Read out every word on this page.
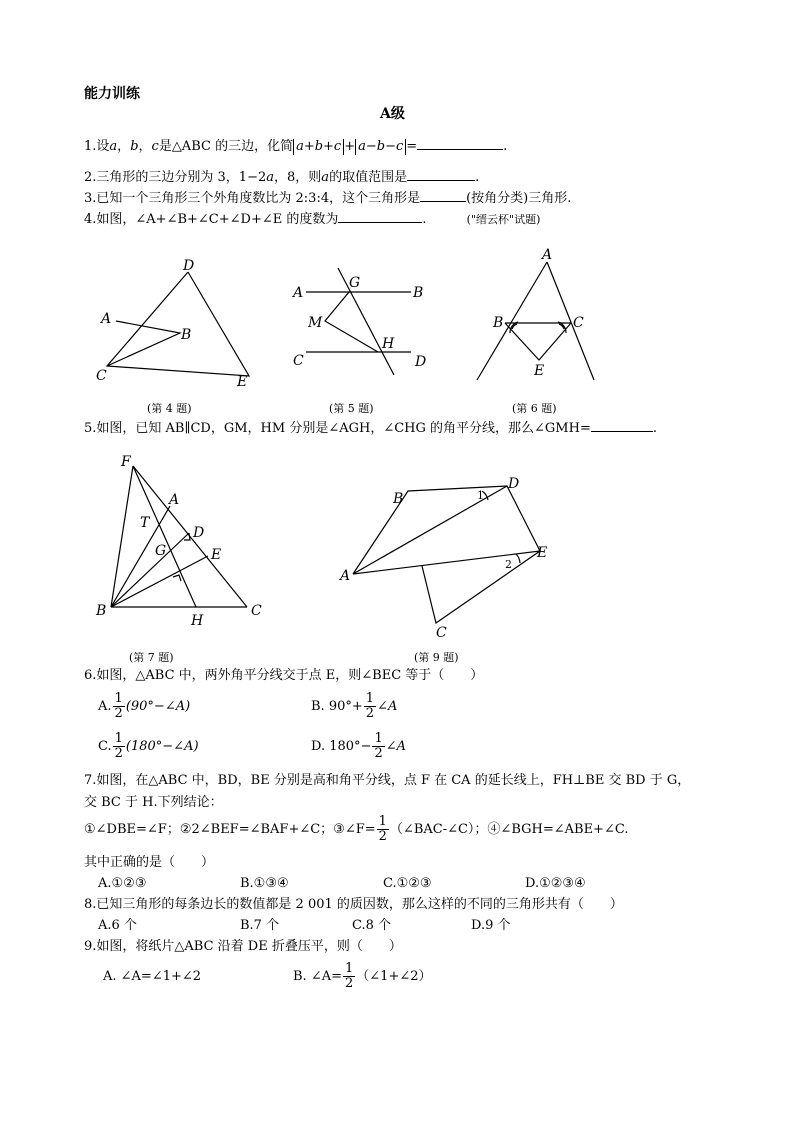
能力训练
A级
1.设a，b，c是△ABC 的三边，化简 a+b+c + a−b−c =	.
2.三角形的三边分别为 3，1−2a，8，则a的取值范围是	.
3.已知一个三角形三个外角度数比为 2:3:4，这个三角形是	(按角分类)三角形.
4.如图，∠A+∠B+∠C+∠D+∠E 的度数为	.	("缙云杯"试题)
D
A
B
C	E
A
G
B
M
C
H
D
A
B	C
E
F
A
T
D
G	E
B
H
C
B
D
A
E
C
1
2
(第 4 题)	(第 5 题)	(第 6 题)
5.如图，已知 AB∥CD，GM，HM 分别是∠AGH，∠CHG 的角平分线，那么∠GMH=	.
(第 7 题)	(第 9 题)
6.如图，△ABC 中，两外角平分线交于点 E，则∠BEC 等于（　　）
A. $\frac{1}{2}$ (90°−∠A)	B. $90^\circ+ \frac{1}{2}$ ∠A
C. $\frac{1}{2}$ (180°−∠A)	D. $180^\circ- \frac{1}{2}$ ∠A
7.如图，在△ABC 中，BD，BE 分别是高和角平分线，点 F 在 CA 的延长线上，FH⊥BE 交 BD 于 G，
交 BC 于 H.下列结论：
①∠DBE=∠F；②2∠BEF=∠BAF+∠C；③∠F= $\frac{1}{2}$ （∠BAC-∠C）；④∠BGH=∠ABE+∠C.
其中正确的是（　　）
A.①②③	B.①③④	C.①②③	D.①②③④
8.已知三角形的每条边长的数值都是 2 001 的质因数，那么这样的不同的三角形共有（　　）
A.6 个	B.7 个	C.8 个	D.9 个
9.如图，将纸片△ABC 沿着 DE 折叠压平，则（　　）
A. ∠A=∠1+∠2	B. ∠A= $\frac{1}{2}$ （∠1+∠2）
